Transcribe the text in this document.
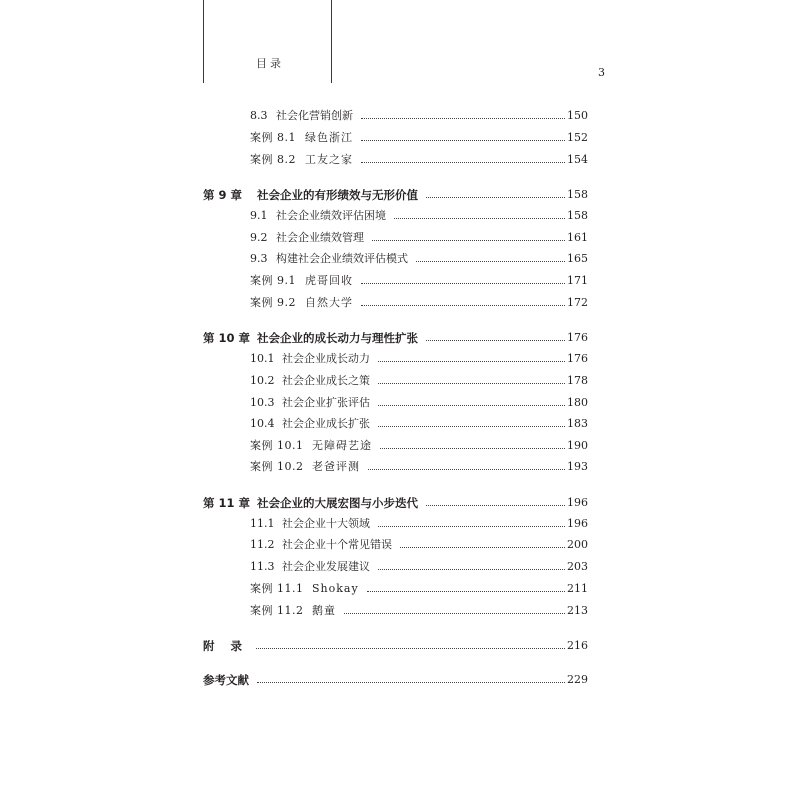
目录
3
8.3 社会化营销创新	150
案例 8.1 绿色浙江	152
案例 8.2 工友之家	154
第 9 章	社会企业的有形绩效与无形价值	158
9.1 社会企业绩效评估困境	158
9.2 社会企业绩效管理	161
9.3 构建社会企业绩效评估模式	165
案例 9.1 虎哥回收	171
案例 9.2 自然大学	172
第 10 章 社会企业的成长动力与理性扩张	176
10.1 社会企业成长动力	176
10.2 社会企业成长之策	178
10.3 社会企业扩张评估	180
10.4 社会企业成长扩张	183
案例 10.1 无障碍艺途	190
案例 10.2 老爸评测	193
第 11 章 社会企业的大展宏图与小步迭代	196
11.1 社会企业十大领域	196
11.2 社会企业十个常见错误	200
11.3 社会企业发展建议	203
案例 11.1 Shokay	211
案例 11.2 鹅童	213
附 录	216
参考文献	229
